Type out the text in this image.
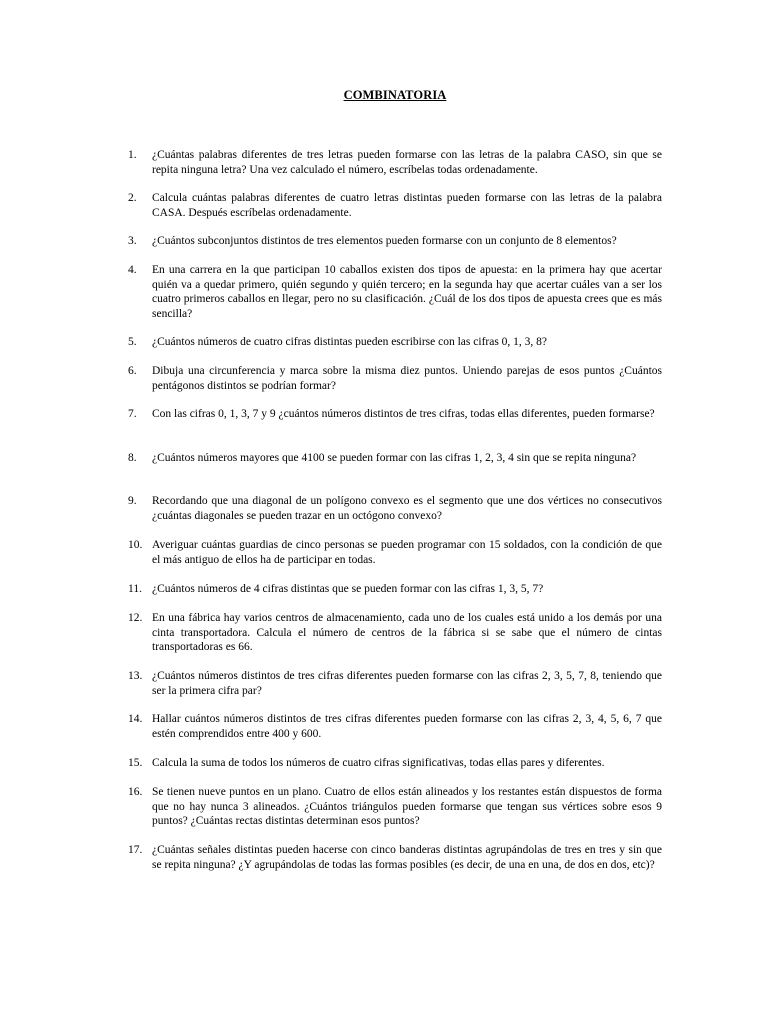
COMBINATORIA
1. ¿Cuántas palabras diferentes de tres letras pueden formarse con las letras de la palabra CASO, sin que se repita ninguna letra? Una vez calculado el número, escríbelas todas ordenadamente.
2. Calcula cuántas palabras diferentes de cuatro letras distintas pueden formarse con las letras de la palabra CASA. Después escríbelas ordenadamente.
3. ¿Cuántos subconjuntos distintos de tres elementos pueden formarse con un conjunto de 8 elementos?
4. En una carrera en la que participan 10 caballos existen dos tipos de apuesta: en la primera hay que acertar quién va a quedar primero, quién segundo y quién tercero; en la segunda hay que acertar cuáles van a ser los cuatro primeros caballos en llegar, pero no su clasificación. ¿Cuál de los dos tipos de apuesta crees que es más sencilla?
5. ¿Cuántos números de cuatro cifras distintas pueden escribirse con las cifras 0, 1, 3, 8?
6. Dibuja una circunferencia y marca sobre la misma diez puntos. Uniendo parejas de esos puntos ¿Cuántos pentágonos distintos se podrían formar?
7. Con las cifras 0, 1, 3, 7 y 9 ¿cuántos números distintos de tres cifras, todas ellas diferentes, pueden formarse?
8. ¿Cuántos números mayores que 4100 se pueden formar con las cifras 1, 2, 3, 4 sin que se repita ninguna?
9. Recordando que una diagonal de un polígono convexo es el segmento que une dos vértices no consecutivos ¿cuántas diagonales se pueden trazar en un octógono convexo?
10. Averiguar cuántas guardias de cinco personas se pueden programar con 15 soldados, con la condición de que el más antiguo de ellos ha de participar en todas.
11. ¿Cuántos números de 4 cifras distintas que se pueden formar con las cifras 1, 3, 5, 7?
12. En una fábrica hay varios centros de almacenamiento, cada uno de los cuales está unido a los demás por una cinta transportadora. Calcula el número de centros de la fábrica si se sabe que el número de cintas transportadoras es 66.
13. ¿Cuántos números distintos de tres cifras diferentes pueden formarse con las cifras 2, 3, 5, 7, 8, teniendo que ser la primera cifra par?
14. Hallar cuántos números distintos de tres cifras diferentes pueden formarse con las cifras 2, 3, 4, 5, 6, 7 que estén comprendidos entre 400 y 600.
15. Calcula la suma de todos los números de cuatro cifras significativas, todas ellas pares y diferentes.
16. Se tienen nueve puntos en un plano. Cuatro de ellos están alineados y los restantes están dispuestos de forma que no hay nunca 3 alineados. ¿Cuántos triángulos pueden formarse que tengan sus vértices sobre esos 9 puntos? ¿Cuántas rectas distintas determinan esos puntos?
17. ¿Cuántas señales distintas pueden hacerse con cinco banderas distintas agrupándolas de tres en tres y sin que se repita ninguna? ¿Y agrupándolas de todas las formas posibles (es decir, de una en una, de dos en dos, etc)?
